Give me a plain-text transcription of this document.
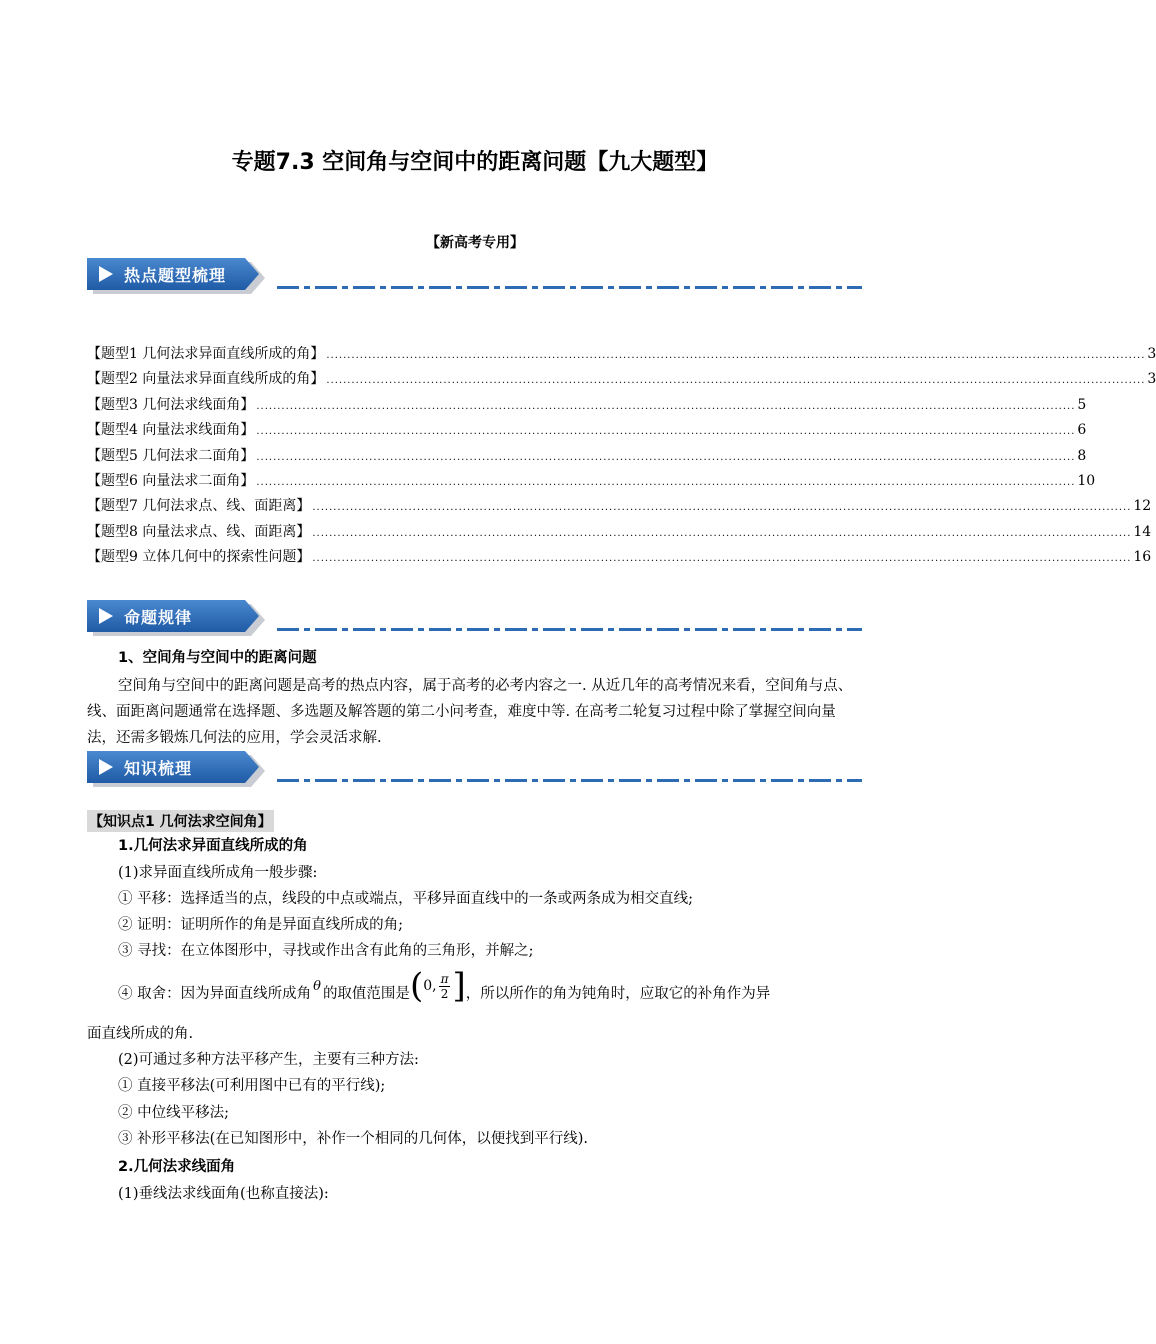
专题7.3 空间角与空间中的距离问题【九大题型】
【新高考专用】
热点题型梳理
【题型1 几何法求异面直线所成的角】 .................................................................................................................................................................................................... 3
【题型2 向量法求异面直线所成的角】 .................................................................................................................................................................................................... 3
【题型3 几何法求线面角】 .................................................................................................................................................................................................... 5
【题型4 向量法求线面角】 .................................................................................................................................................................................................... 6
【题型5 几何法求二面角】 .................................................................................................................................................................................................... 8
【题型6 向量法求二面角】 .................................................................................................................................................................................................... 10
【题型7 几何法求点、线、面距离】 .................................................................................................................................................................................................... 12
【题型8 向量法求点、线、面距离】 .................................................................................................................................................................................................... 14
【题型9 立体几何中的探索性问题】 .................................................................................................................................................................................................... 16
命题规律
1、空间角与空间中的距离问题
空间角与空间中的距离问题是高考的热点内容，属于高考的必考内容之一. 从近几年的高考情况来看，空间角与点、线、面距离问题通常在选择题、多选题及解答题的第二小问考查，难度中等. 在高考二轮复习过程中除了掌握空间向量法，还需多锻炼几何法的应用，学会灵活求解.
知识梳理
【知识点1 几何法求空间角】
1.几何法求异面直线所成的角
(1)求异面直线所成角一般步骤:
① 平移：选择适当的点，线段的中点或端点，平移异面直线中的一条或两条成为相交直线;
② 证明：证明所作的角是异面直线所成的角;
③ 寻找：在立体图形中，寻找或作出含有此角的三角形，并解之;
④ 取舍：因为异面直线所成角 θ 的取值范围是 ( 0, $\frac{\pi}{2}$ ] ，所以所作的角为钝角时，应取它的补角作为异
面直线所成的角.
(2)可通过多种方法平移产生，主要有三种方法:
① 直接平移法(可利用图中已有的平行线);
② 中位线平移法;
③ 补形平移法(在已知图形中，补作一个相同的几何体，以便找到平行线).
2.几何法求线面角
(1)垂线法求线面角(也称直接法):
